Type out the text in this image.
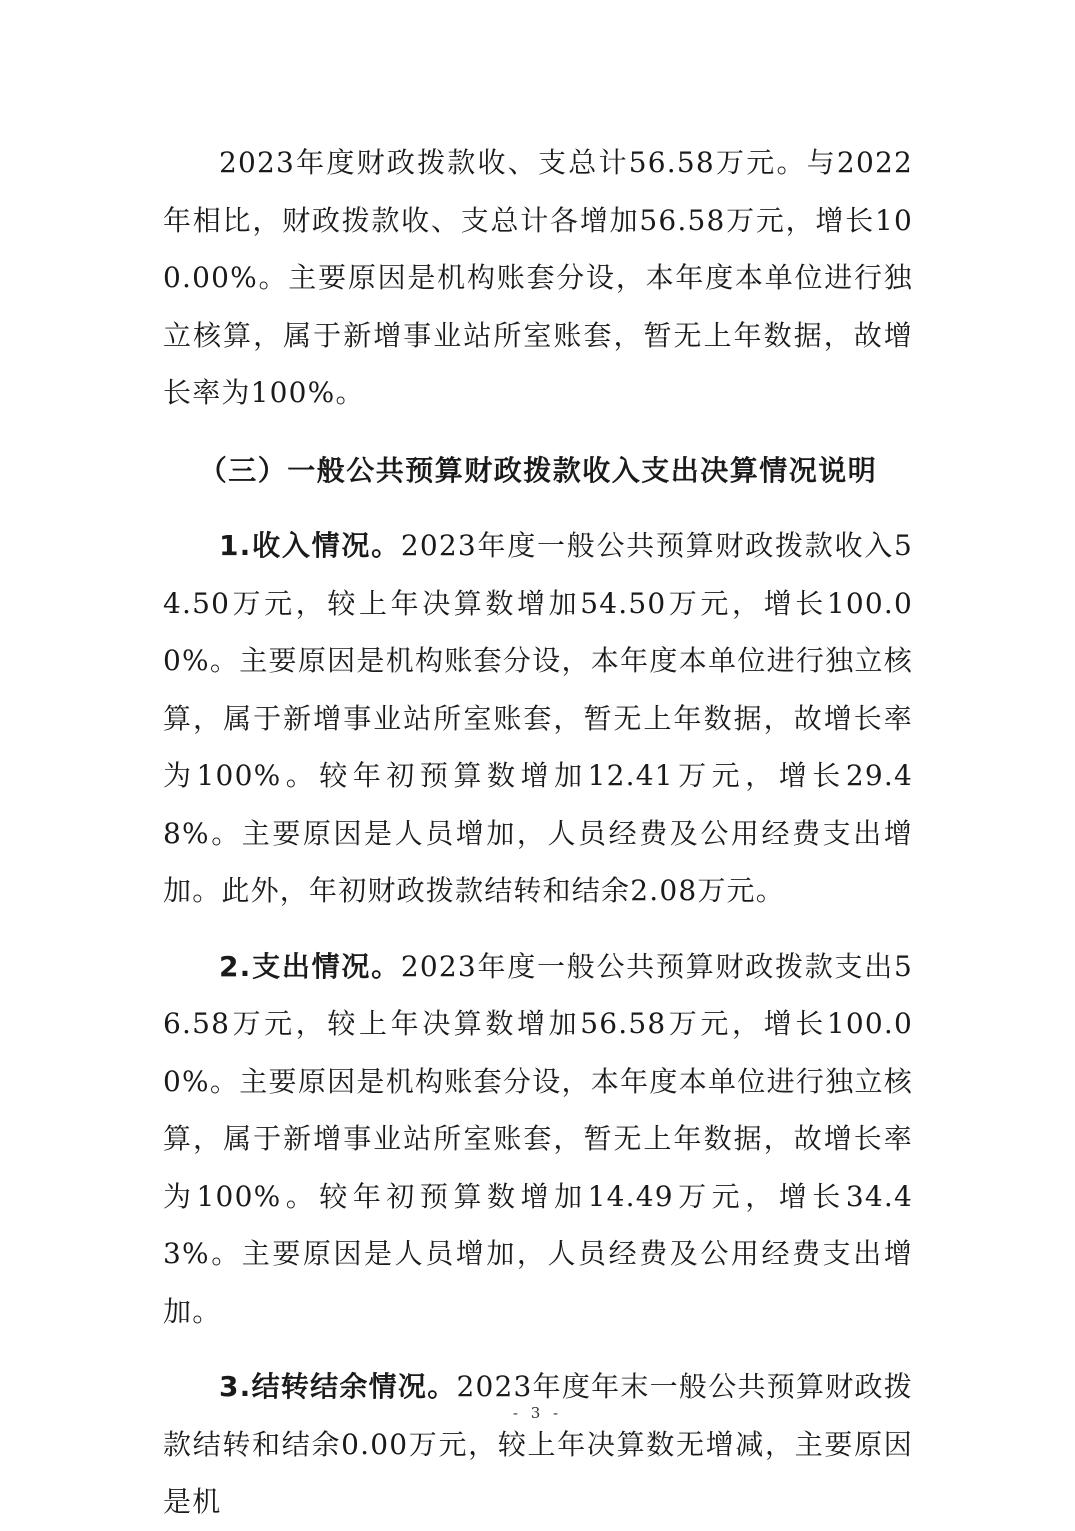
2023年度财政拨款收、支总计56.58万元。与2022年相比，财政拨款收、支总计各增加56.58万元，增长100.00%。主要原因是机构账套分设，本年度本单位进行独立核算，属于新增事业站所室账套，暂无上年数据，故增长率为100%。

（三）一般公共预算财政拨款收入支出决算情况说明

1.收入情况。2023年度一般公共预算财政拨款收入54.50万元，较上年决算数增加54.50万元，增长100.00%。主要原因是机构账套分设，本年度本单位进行独立核算，属于新增事业站所室账套，暂无上年数据，故增长率为100%。较年初预算数增加12.41万元，增长29.48%。主要原因是人员增加，人员经费及公用经费支出增加。此外，年初财政拨款结转和结余2.08万元。

2.支出情况。2023年度一般公共预算财政拨款支出56.58万元，较上年决算数增加56.58万元，增长100.00%。主要原因是机构账套分设，本年度本单位进行独立核算，属于新增事业站所室账套，暂无上年数据，故增长率为100%。较年初预算数增加14.49万元，增长34.43%。主要原因是人员增加，人员经费及公用经费支出增加。

3.结转结余情况。2023年度年末一般公共预算财政拨款结转和结余0.00万元，较上年决算数无增减，主要原因是机

- 3 -
